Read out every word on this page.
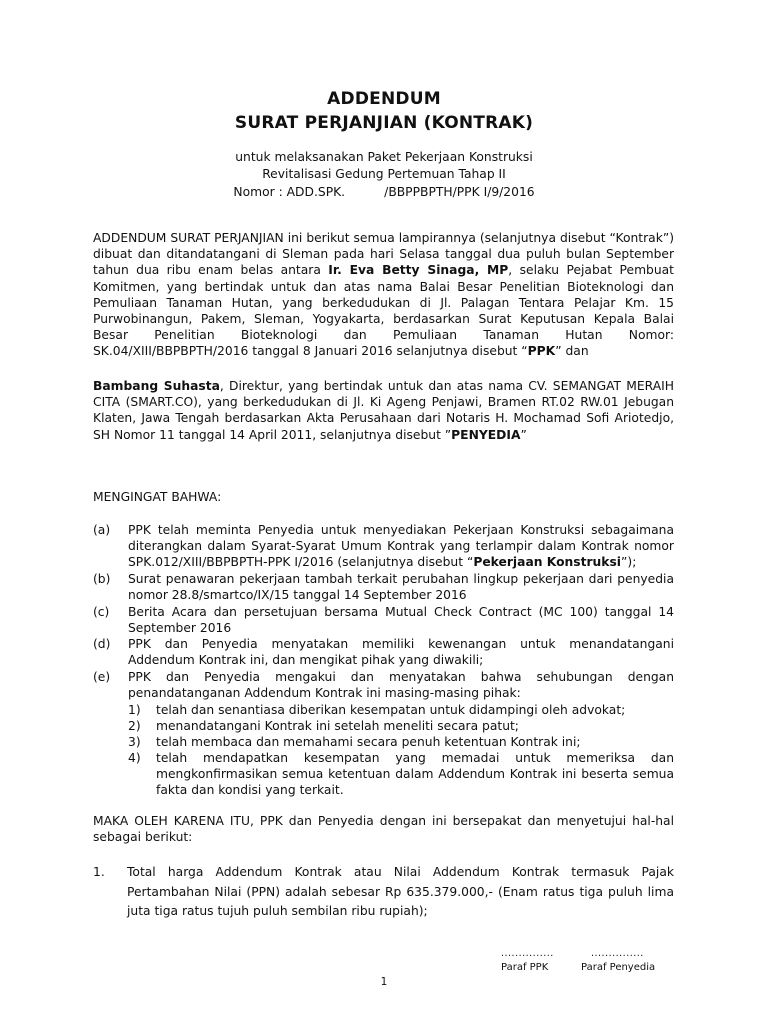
ADDENDUM
SURAT PERJANJIAN (KONTRAK)
untuk melaksanakan Paket Pekerjaan Konstruksi
Revitalisasi Gedung Pertemuan Tahap II
Nomor : ADD.SPK.          /BBPPBPTH/PPK I/9/2016
ADDENDUM SURAT PERJANJIAN ini berikut semua lampirannya (selanjutnya disebut “Kontrak”) dibuat dan ditandatangani di Sleman pada hari Selasa tanggal dua puluh bulan September tahun dua ribu enam belas antara Ir. Eva Betty Sinaga, MP, selaku Pejabat Pembuat Komitmen, yang bertindak untuk dan atas nama Balai Besar Penelitian Bioteknologi dan Pemuliaan Tanaman Hutan, yang berkedudukan di Jl. Palagan Tentara Pelajar Km. 15 Purwobinangun, Pakem, Sleman, Yogyakarta, berdasarkan Surat Keputusan Kepala Balai Besar Penelitian Bioteknologi dan Pemuliaan Tanaman Hutan Nomor: SK.04/XIII/BBPBPTH/2016 tanggal 8 Januari 2016 selanjutnya disebut “PPK” dan
Bambang Suhasta, Direktur, yang bertindak untuk dan atas nama CV. SEMANGAT MERAIH CITA (SMART.CO), yang berkedudukan di Jl. Ki Ageng Penjawi, Bramen RT.02 RW.01 Jebugan Klaten, Jawa Tengah berdasarkan Akta Perusahaan dari Notaris H. Mochamad Sofi Ariotedjo, SH Nomor 11 tanggal 14 April 2011, selanjutnya disebut ”PENYEDIA”
MENGINGAT BAHWA:
(a) PPK telah meminta Penyedia untuk menyediakan Pekerjaan Konstruksi sebagaimana diterangkan dalam Syarat-Syarat Umum Kontrak yang terlampir dalam Kontrak nomor SPK.012/XIII/BBPBPTH-PPK I/2016 (selanjutnya disebut “Pekerjaan Konstruksi”);
(b) Surat penawaran pekerjaan tambah terkait perubahan lingkup pekerjaan dari penyedia nomor 28.8/smartco/IX/15 tanggal 14 September 2016
(c) Berita Acara dan persetujuan bersama Mutual Check Contract (MC 100) tanggal 14 September 2016
(d) PPK dan Penyedia menyatakan memiliki kewenangan untuk menandatangani Addendum Kontrak ini, dan mengikat pihak yang diwakili;
(e) PPK dan Penyedia mengakui dan menyatakan bahwa sehubungan dengan penandatanganan Addendum Kontrak ini masing-masing pihak:
1) telah dan senantiasa diberikan kesempatan untuk didampingi oleh advokat;
2) menandatangani Kontrak ini setelah meneliti secara patut;
3) telah membaca dan memahami secara penuh ketentuan Kontrak ini;
4) telah mendapatkan kesempatan yang memadai untuk memeriksa dan mengkonfirmasikan semua ketentuan dalam Addendum Kontrak ini beserta semua fakta dan kondisi yang terkait.
MAKA OLEH KARENA ITU, PPK dan Penyedia dengan ini bersepakat dan menyetujui hal-hal sebagai berikut:
1. Total harga Addendum Kontrak atau Nilai Addendum Kontrak termasuk Pajak Pertambahan Nilai (PPN) adalah sebesar Rp 635.379.000,- (Enam ratus tiga puluh lima juta tiga ratus tujuh puluh sembilan ribu rupiah);
...............	...............
Paraf PPK	Paraf Penyedia
1
